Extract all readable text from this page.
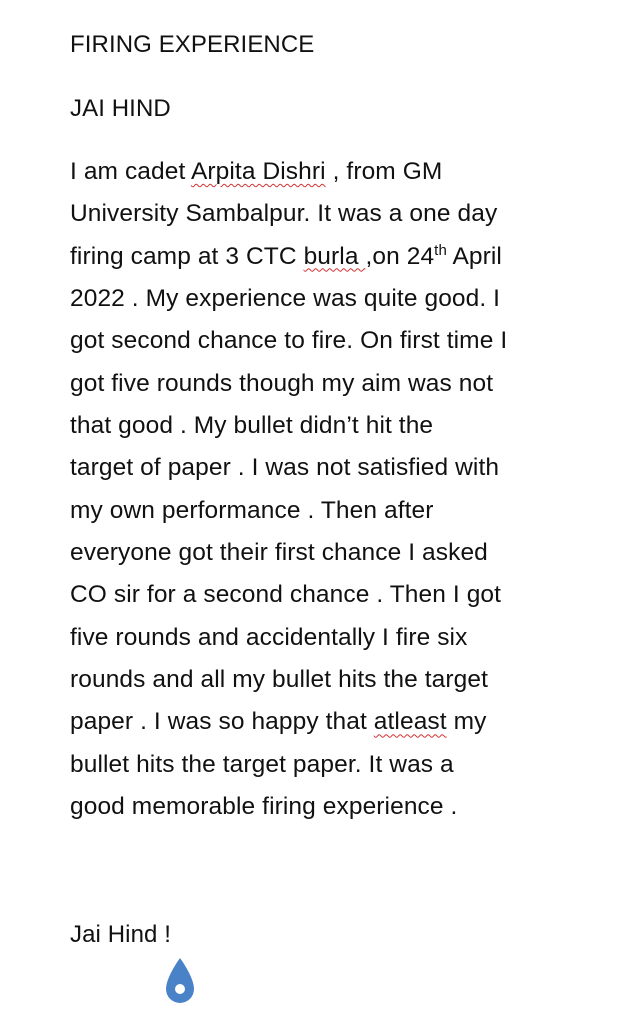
FIRING EXPERIENCE
JAI HIND
I am cadet Arpita Dishri , from GM
University Sambalpur. It was a one day
firing camp at 3 CTC burla ,on 24th April
2022 . My experience was quite good. I
got second chance to fire. On first time I
got five rounds though my aim was not
that good . My bullet didn’t hit the
target of paper . I was not satisfied with
my own performance . Then after
everyone got their first chance I asked
CO sir for a second chance . Then I got
five rounds and accidentally I fire six
rounds and all my bullet hits the target
paper . I was so happy that atleast my
bullet hits the target paper. It was a
good memorable firing experience .
Jai Hind !
